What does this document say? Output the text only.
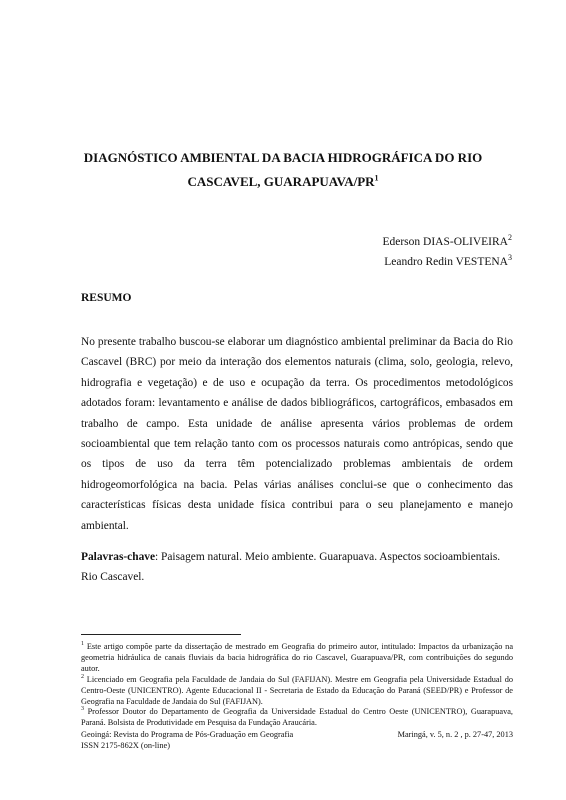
DIAGNÓSTICO AMBIENTAL DA BACIA HIDROGRÁFICA DO RIO
CASCAVEL, GUARAPUAVA/$PR^1$
Ederson DIAS-OLIVEIRA$^2$
Leandro Redin VESTENA$^3$
RESUMO
No presente trabalho buscou-se elaborar um diagnóstico ambiental preliminar da Bacia do Rio
Cascavel (BRC) por meio da interação dos elementos naturais (clima, solo, geologia, relevo,
hidrografia e vegetação) e de uso e ocupação da terra. Os procedimentos metodológicos
adotados foram: levantamento e análise de dados bibliográficos, cartográficos, embasados em
trabalho de campo. Esta unidade de análise apresenta vários problemas de ordem
socioambiental que tem relação tanto com os processos naturais como antrópicas, sendo que
os tipos de uso da terra têm potencializado problemas ambientais de ordem
hidrogeomorfológica na bacia. Pelas várias análises conclui-se que o conhecimento das
características físicas desta unidade física contribui para o seu planejamento e manejo
ambiental.
Palavras-chave: Paisagem natural. Meio ambiente. Guarapuava. Aspectos socioambientais. Rio Cascavel.
$^1$ Este artigo compõe parte da dissertação de mestrado em Geografia do primeiro autor, intitulado: Impactos da urbanização na geometria hidráulica de canais fluviais da bacia hidrográfica do rio Cascavel, Guarapuava/PR, com contribuições do segundo autor.
$^2$ Licenciado em Geografia pela Faculdade de Jandaia do Sul (FAFIJAN). Mestre em Geografia pela Universidade Estadual do Centro-Oeste (UNICENTRO). Agente Educacional II - Secretaria de Estado da Educação do Paraná (SEED/PR) e Professor de Geografia na Faculdade de Jandaia do Sul (FAFIJAN).
$^3$ Professor Doutor do Departamento de Geografia da Universidade Estadual do Centro Oeste (UNICENTRO), Guarapuava, Paraná. Bolsista de Produtividade em Pesquisa da Fundação Araucária.
Geoingá: Revista do Programa de Pós-Graduação em Geografia	Maringá, v. 5, n. 2 , p. 27-47, 2013
ISSN 2175-862X (on-line)
